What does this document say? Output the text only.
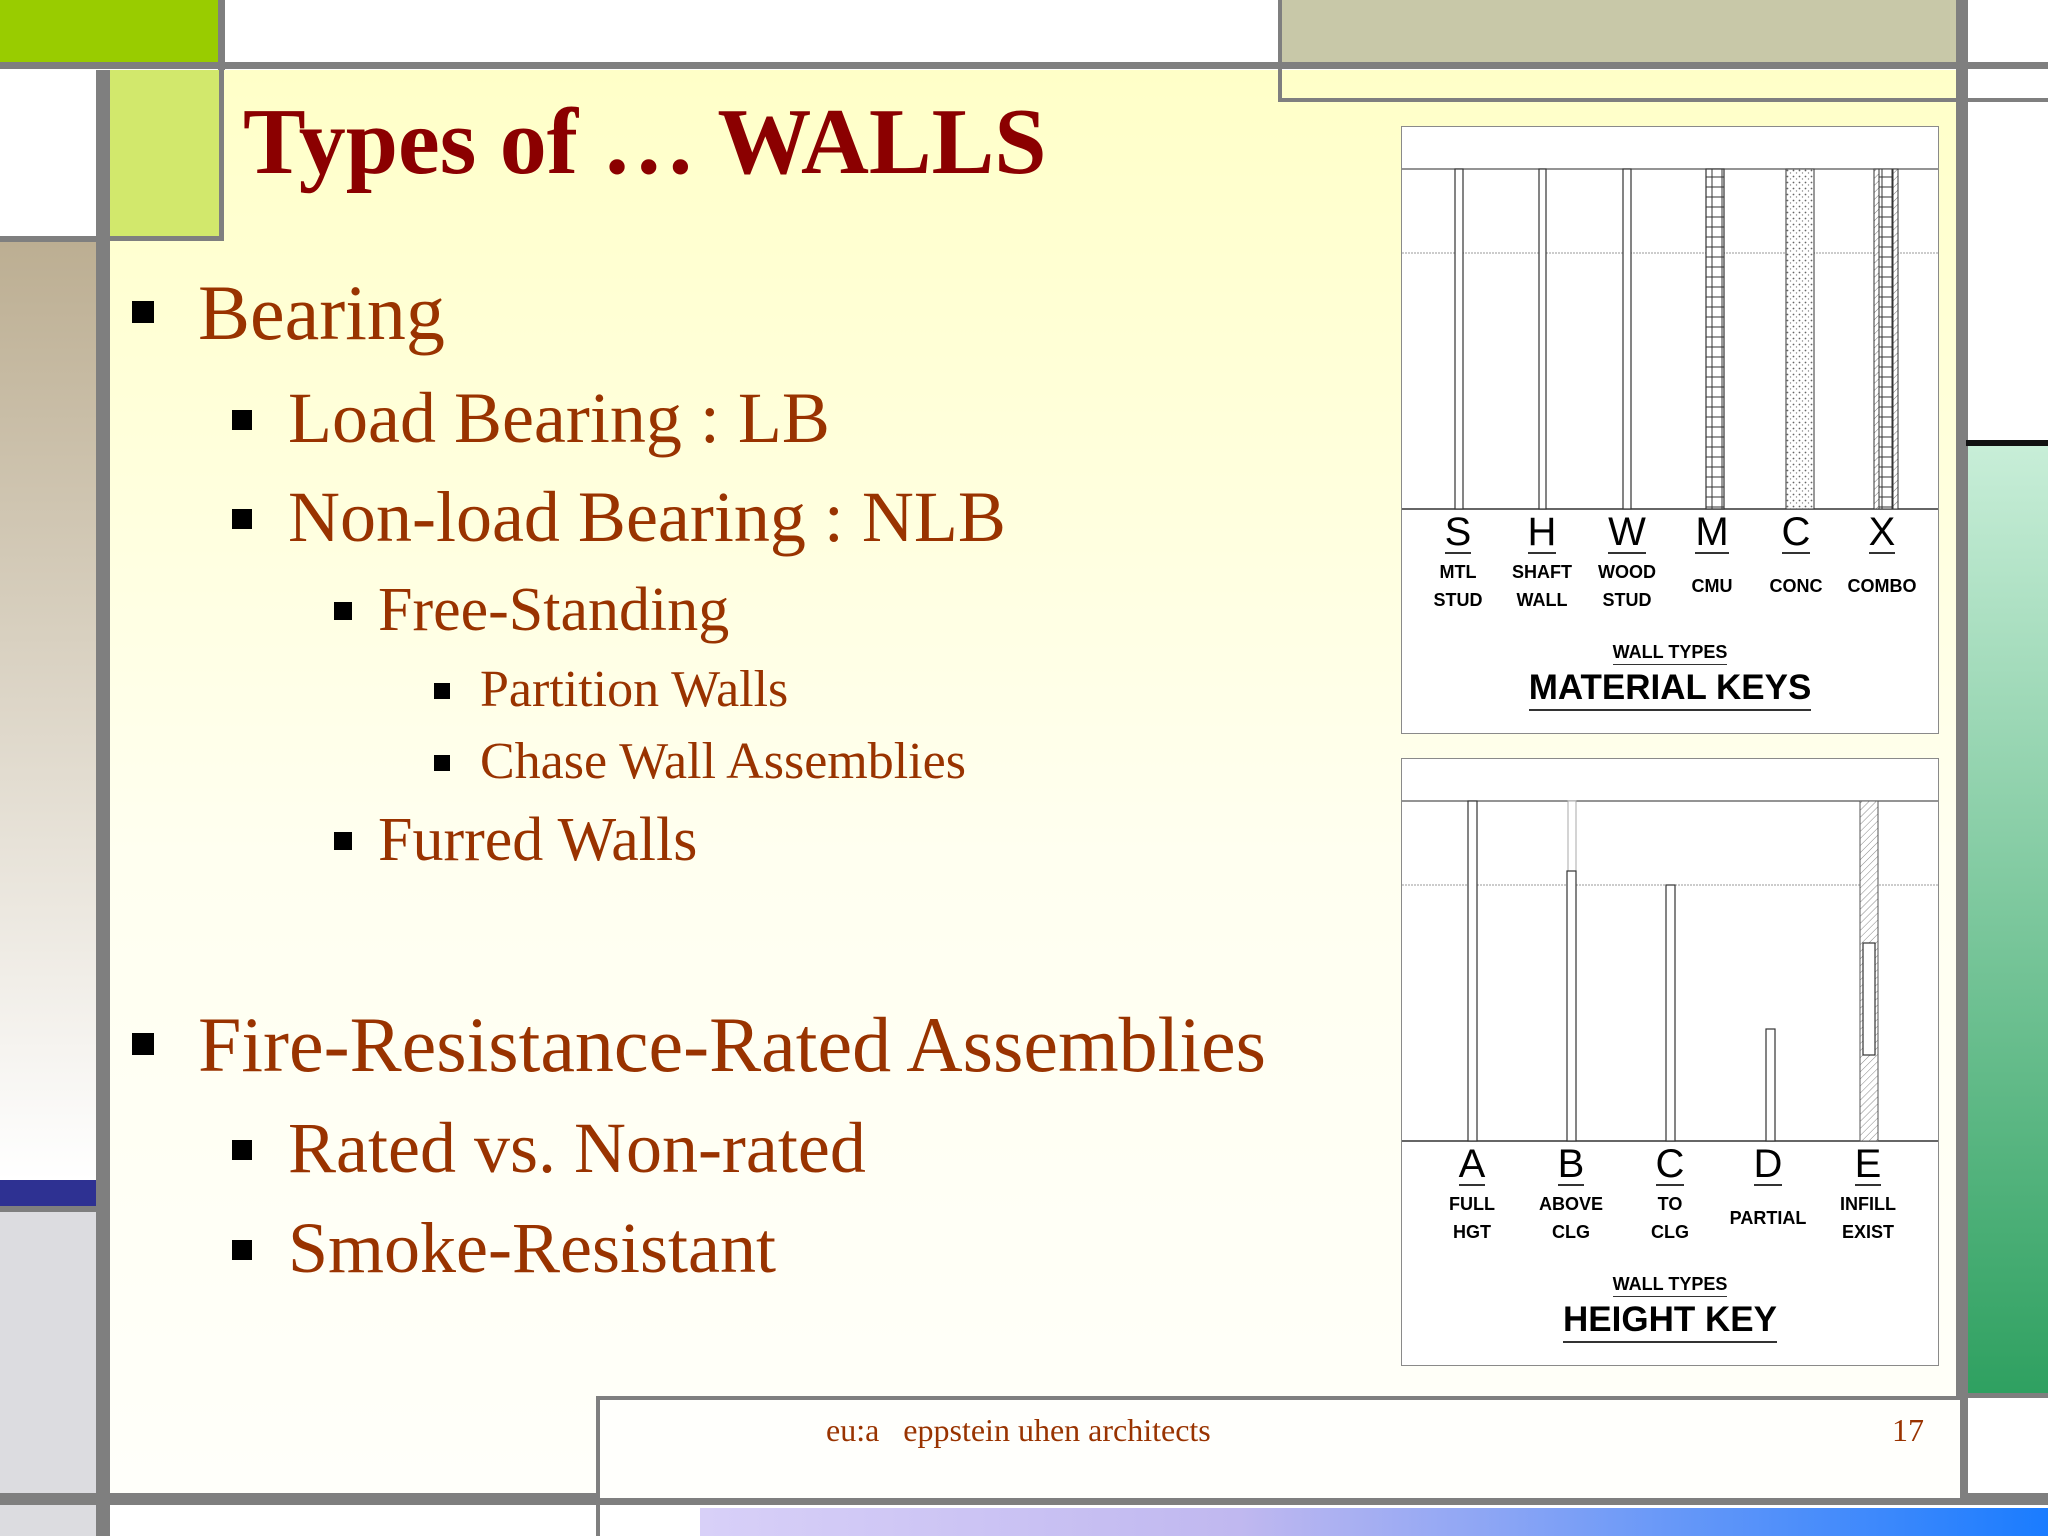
Types of … WALLS
Bearing
Load Bearing : LB
Non-load Bearing : NLB
Free-Standing
Partition Walls
Chase Wall Assemblies
Furred Walls
Fire-Resistance-Rated Assemblies
Rated vs. Non-rated
Smoke-Resistant
S
MTL
STUD
H
SHAFT
WALL
W
WOOD
STUD
M
CMU
C
CONC
X
COMBO
WALL TYPES
MATERIAL KEYS
A
FULL
HGT
B
ABOVE
CLG
C
TO
CLG
D
PARTIAL
E
INFILL
EXIST
WALL TYPES
HEIGHT KEY
eu:a   eppstein uhen architects	17
